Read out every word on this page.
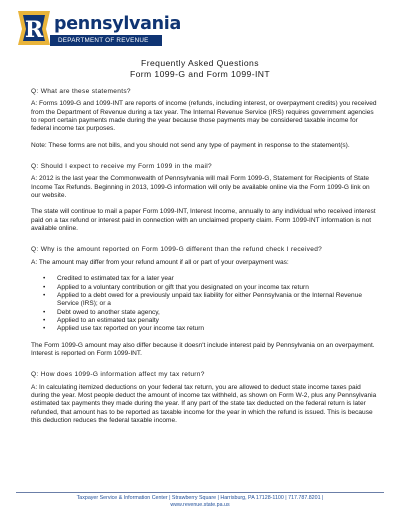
R pennsylvania
DEPARTMENT OF REVENUE
Frequently Asked Questions
Form 1099-G and Form 1099-INT
Q: What are these statements?
A: Forms 1099-G and 1099-INT are reports of income (refunds, including interest, or overpayment credits) you received from the Department of Revenue during a tax year. The Internal Revenue Service (IRS) requires government agencies to report certain payments made during the year because those payments may be considered taxable income for federal income tax purposes.
Note: These forms are not bills, and you should not send any type of payment in response to the statement(s).
Q: Should I expect to receive my Form 1099 in the mail?
A: 2012 is the last year the Commonwealth of Pennsylvania will mail Form 1099-G, Statement for Recipients of State Income Tax Refunds. Beginning in 2013, 1099-G information will only be available online via the Form 1099-G link on our website.
The state will continue to mail a paper Form 1099-INT, Interest Income, annually to any individual who received interest paid on a tax refund or interest paid in connection with an unclaimed property claim. Form 1099-INT information is not available online.
Q: Why is the amount reported on Form 1099-G different than the refund check I received?
A: The amount may differ from your refund amount if all or part of your overpayment was:
• Credited to estimated tax for a later year
• Applied to a voluntary contribution or gift that you designated on your income tax return
• Applied to a debt owed for a previously unpaid tax liability for either Pennsylvania or the Internal Revenue Service (IRS); or a
• Debt owed to another state agency,
• Applied to an estimated tax penalty
• Applied use tax reported on your income tax return
The Form 1099-G amount may also differ because it doesn't include interest paid by Pennsylvania on an overpayment. Interest is reported on Form 1099-INT.
Q: How does 1099-G information affect my tax return?
A: In calculating itemized deductions on your federal tax return, you are allowed to deduct state income taxes paid during the year. Most people deduct the amount of income tax withheld, as shown on Form W-2, plus any Pennsylvania estimated tax payments they made during the year. If any part of the state tax deducted on the federal return is later refunded, that amount has to be reported as taxable income for the year in which the refund is issued. This is because this deduction reduces the federal taxable income.
Taxpayer Service & Information Center | Strawberry Square | Harrisburg, PA 17128-1100 | 717.787.8201 |
www.revenue.state.pa.us
